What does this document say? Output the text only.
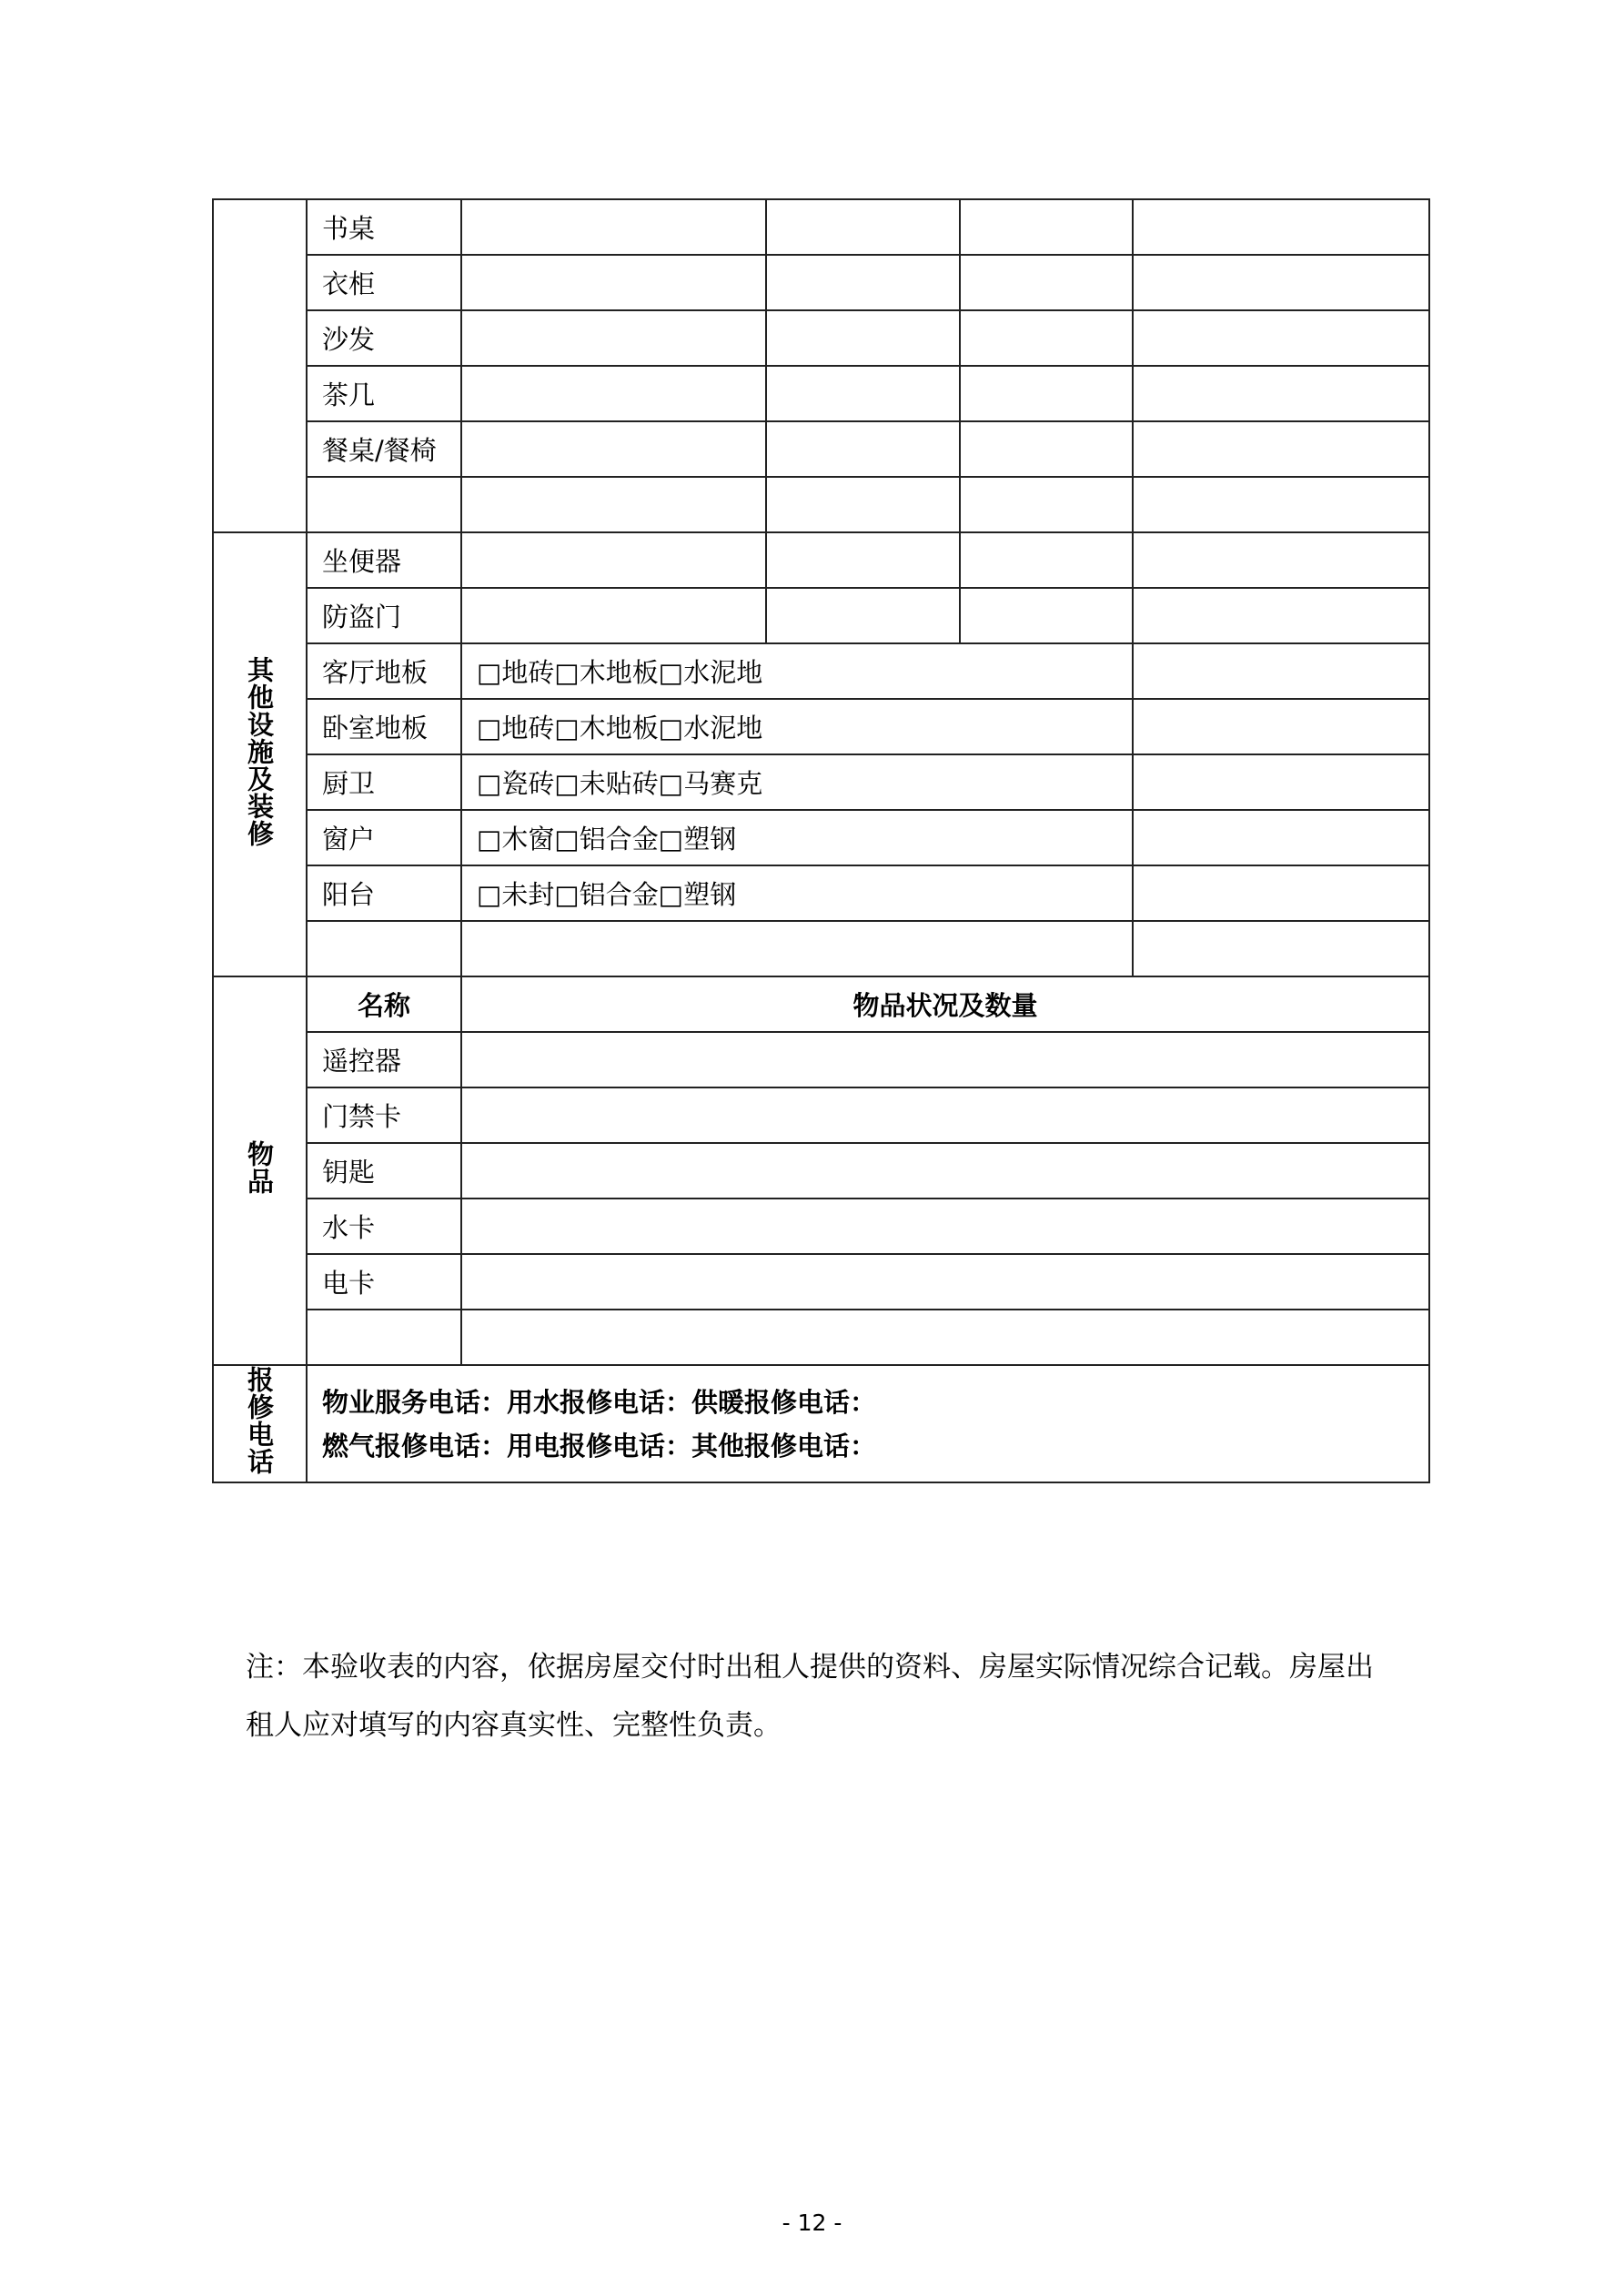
	书桌				
	衣柜				
	沙发				
	茶几				
	餐桌/餐椅				

其他设施及装修	坐便器				
	防盗门				
	客厅地板	□地砖□木地板□水泥地			
	卧室地板	□地砖□木地板□水泥地			
	厨卫	□瓷砖□未贴砖□马赛克			
	窗户	□木窗□铝合金□塑钢			
	阳台	□未封□铝合金□塑钢			

物品	名称	物品状况及数量			
	遥控器				
	门禁卡				
	钥匙				
	水卡				
	电卡				

报修电话	物业服务电话：用水报修电话：供暖报修电话：
燃气报修电话：用电报修电话：其他报修电话：				
注：本验收表的内容，依据房屋交付时出租人提供的资料、房屋实际情况综合记载。房屋出租人应对填写的内容真实性、完整性负责。
- 12 -
